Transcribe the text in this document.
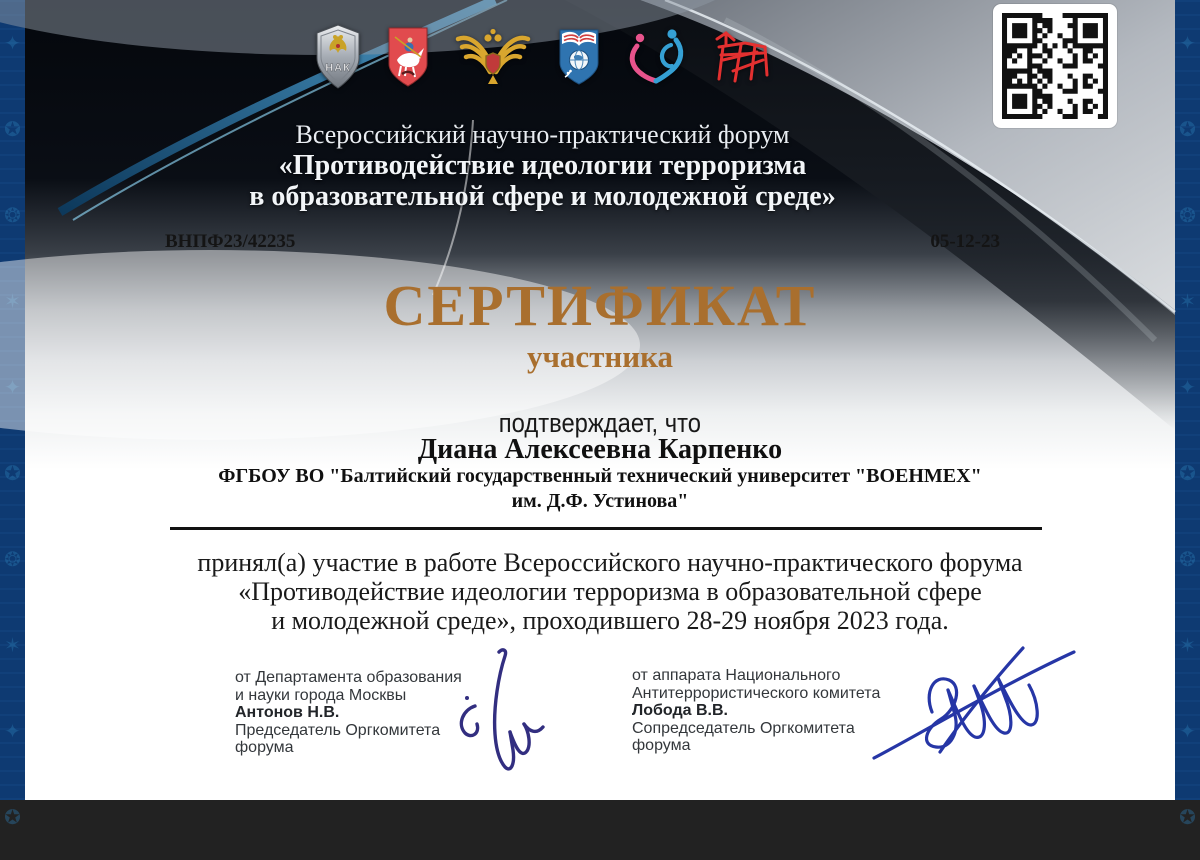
✦
✪
❂
✶
✦
✪
❂
✶
✦
✪
✦
✪
❂
✶
✦
✪
❂
✶
✦
✪
НАК
Всероссийский научно-практический форум
«Противодействие идеологии терроризма
в образовательной сфере и молодежной среде»
ВНПФ23/42235	05-12-23
СЕРТИФИКАТ
участника
подтверждает, что
Диана Алексеевна Карпенко
ФГБОУ ВО "Балтийский государственный технический университет "ВОЕНМЕХ" им. Д.Ф. Устинова"
принял(а) участие в работе Всероссийского научно-практического форума
«Противодействие идеологии терроризма в образовательной сфере
и молодежной среде», проходившего 28-29 ноября 2023 года.
от Департамента образования
и науки города Москвы
Антонов Н.В.
Председатель Оргкомитета
форума
от аппарата Национального
Антитеррористического комитета
Лобода В.В.
Сопредседатель Оргкомитета
форума
